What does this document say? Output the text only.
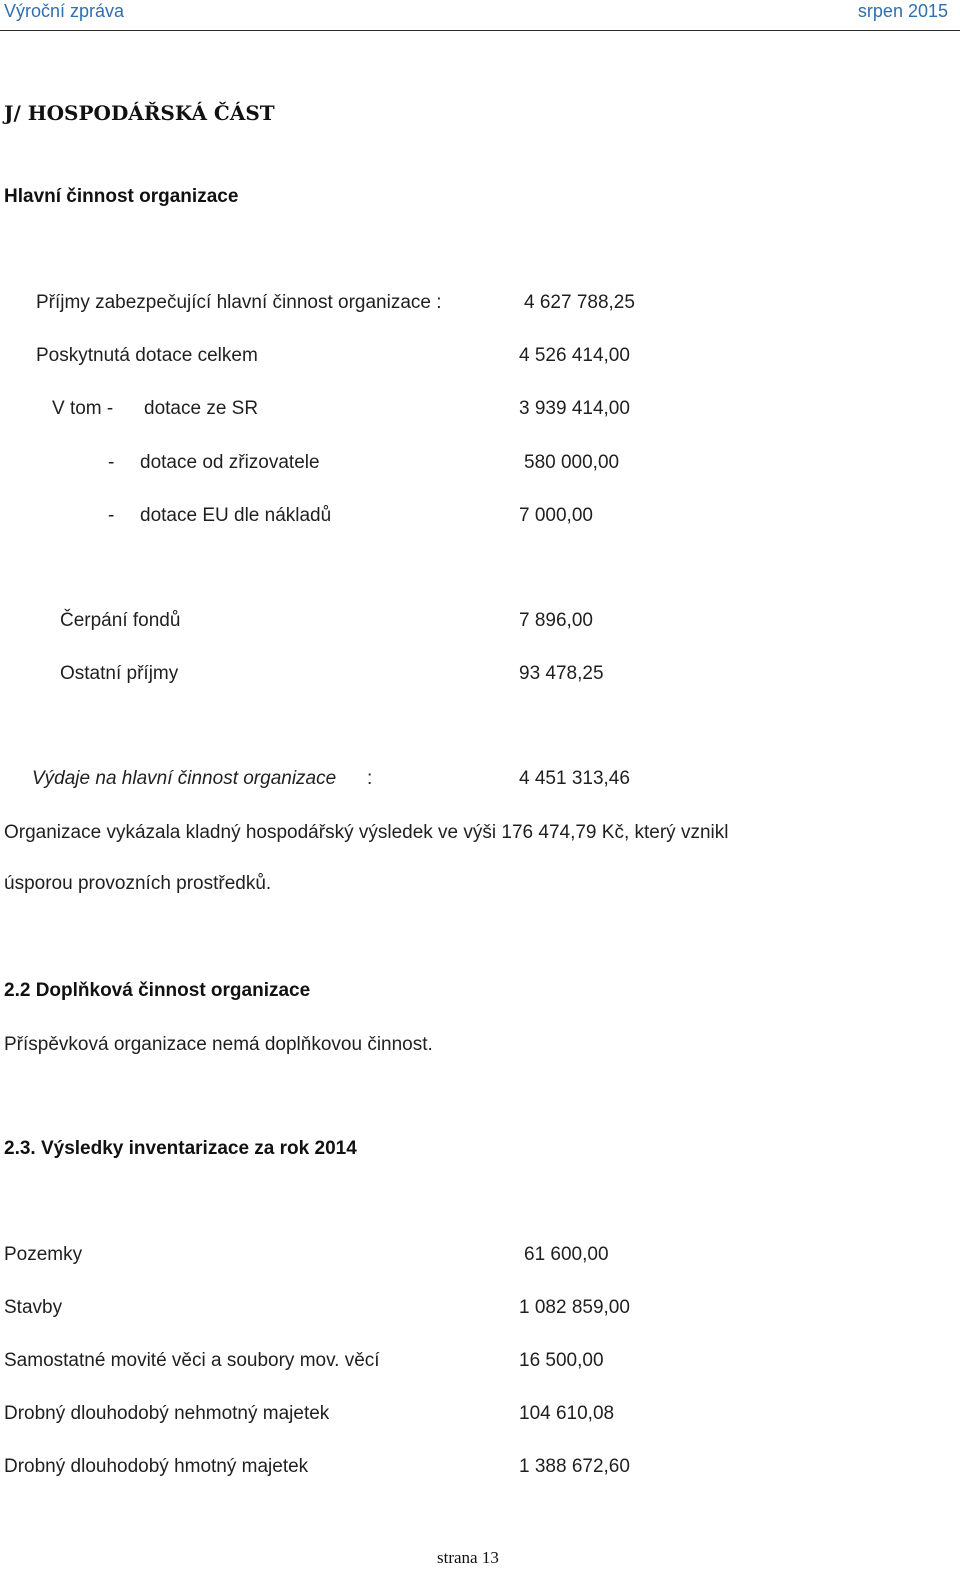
Výroční zpráva	srpen 2015
J/ HOSPODÁŘSKÁ ČÁST
Hlavní činnost organizace
Příjmy zabezpečující hlavní činnost organizace :	4 627 788,25
Poskytnutá dotace celkem	4 526 414,00
V tom - dotace ze SR	3 939 414,00
- dotace od zřizovatele	580 000,00
- dotace EU dle nákladů	7 000,00
Čerpání fondů	7 896,00
Ostatní příjmy	93 478,25
Výdaje na hlavní činnost organizace :	4 451 313,46
Organizace vykázala kladný hospodářský výsledek ve výši 176 474,79 Kč, který vznikl
úsporou provozních prostředků.
2.2 Doplňková činnost organizace
Příspěvková organizace nemá doplňkovou činnost.
2.3. Výsledky inventarizace za rok 2014
Pozemky	61 600,00
Stavby	1 082 859,00
Samostatné movité věci a soubory mov. věcí	16 500,00
Drobný dlouhodobý nehmotný majetek	104 610,08
Drobný dlouhodobý hmotný majetek	1 388 672,60
strana 13
